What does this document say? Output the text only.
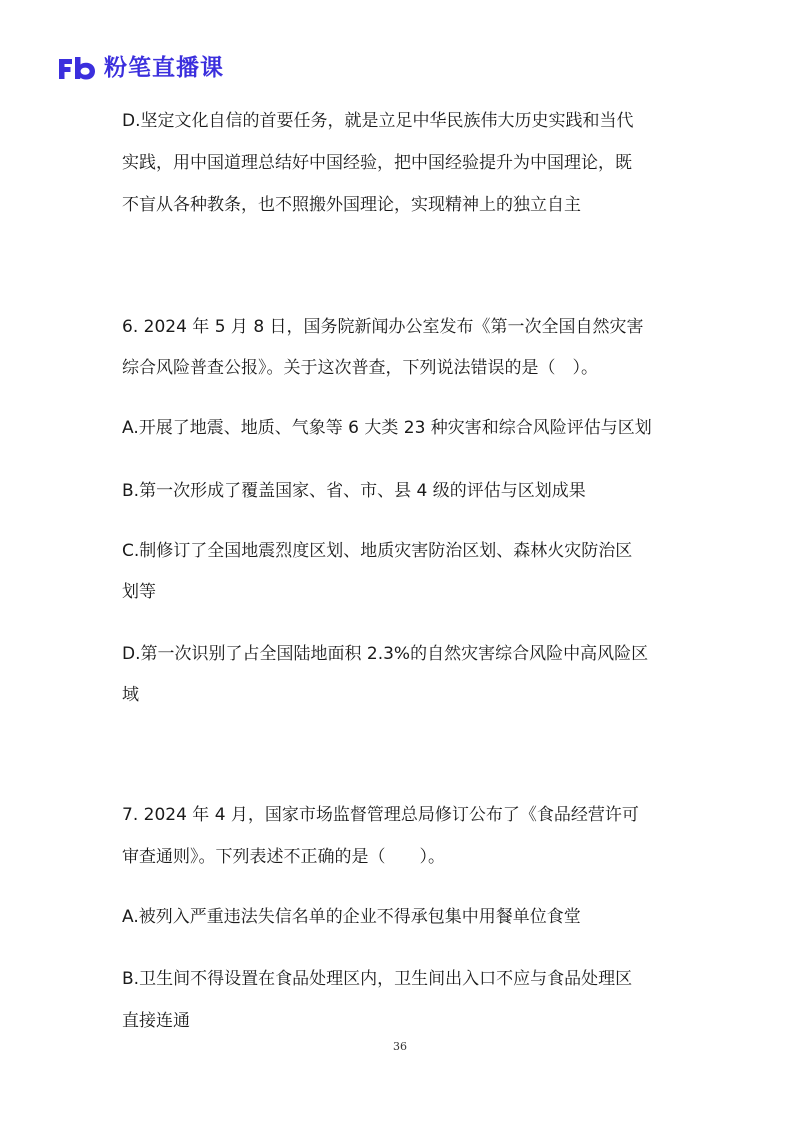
粉笔直播课
D.坚定文化自信的首要任务，就是立足中华民族伟大历史实践和当代
实践，用中国道理总结好中国经验，把中国经验提升为中国理论，既
不盲从各种教条，也不照搬外国理论，实现精神上的独立自主
6. 2024 年 5 月 8 日，国务院新闻办公室发布《第一次全国自然灾害
综合风险普查公报》。关于这次普查，下列说法错误的是（　）。
A.开展了地震、地质、气象等 6 大类 23 种灾害和综合风险评估与区划
B.第一次形成了覆盖国家、省、市、县 4 级的评估与区划成果
C.制修订了全国地震烈度区划、地质灾害防治区划、森林火灾防治区
划等
D.第一次识别了占全国陆地面积 2.3%的自然灾害综合风险中高风险区
域
7. 2024 年 4 月，国家市场监督管理总局修订公布了《食品经营许可
审查通则》。下列表述不正确的是（　　）。
A.被列入严重违法失信名单的企业不得承包集中用餐单位食堂
B.卫生间不得设置在食品处理区内，卫生间出入口不应与食品处理区
直接连通
36
